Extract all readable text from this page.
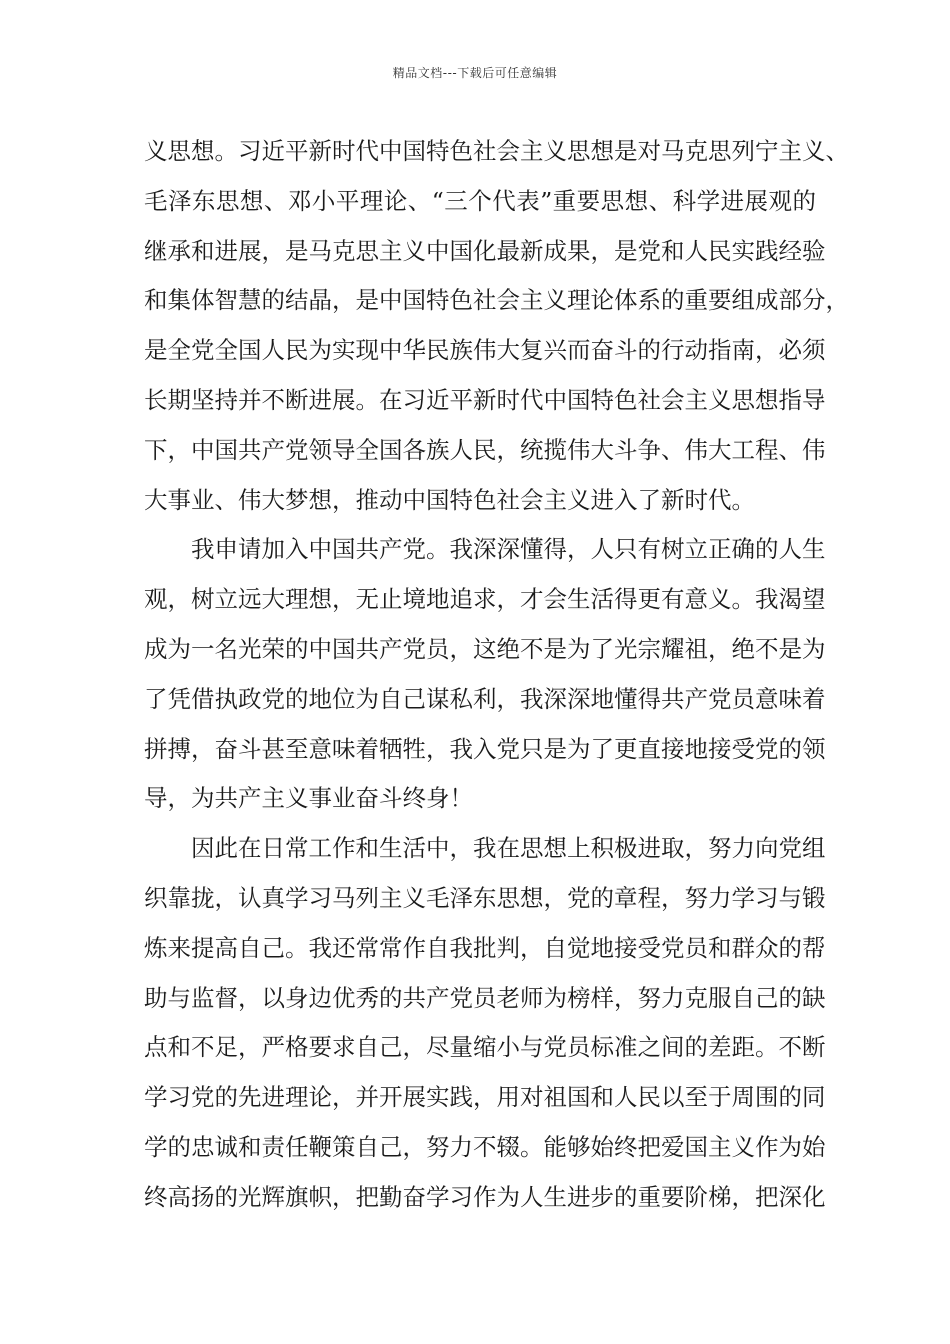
精品文档---下载后可任意编辑
义思想。习近平新时代中国特色社会主义思想是对马克思列宁主义、
毛泽东思想、邓小平理论、“三个代表”重要思想、科学进展观的
继承和进展，是马克思主义中国化最新成果，是党和人民实践经验
和集体智慧的结晶，是中国特色社会主义理论体系的重要组成部分，
是全党全国人民为实现中华民族伟大复兴而奋斗的行动指南，必须
长期坚持并不断进展。在习近平新时代中国特色社会主义思想指导
下，中国共产党领导全国各族人民，统揽伟大斗争、伟大工程、伟
大事业、伟大梦想，推动中国特色社会主义进入了新时代。
我申请加入中国共产党。我深深懂得，人只有树立正确的人生
观，树立远大理想，无止境地追求，才会生活得更有意义。我渴望
成为一名光荣的中国共产党员，这绝不是为了光宗耀祖，绝不是为
了凭借执政党的地位为自己谋私利，我深深地懂得共产党员意味着
拼搏，奋斗甚至意味着牺牲，我入党只是为了更直接地接受党的领
导，为共产主义事业奋斗终身！
因此在日常工作和生活中，我在思想上积极进取，努力向党组
织靠拢，认真学习马列主义毛泽东思想，党的章程，努力学习与锻
炼来提高自己。我还常常作自我批判，自觉地接受党员和群众的帮
助与监督，以身边优秀的共产党员老师为榜样，努力克服自己的缺
点和不足，严格要求自己，尽量缩小与党员标准之间的差距。不断
学习党的先进理论，并开展实践，用对祖国和人民以至于周围的同
学的忠诚和责任鞭策自己，努力不辍。能够始终把爱国主义作为始
终高扬的光辉旗帜，把勤奋学习作为人生进步的重要阶梯，把深化
